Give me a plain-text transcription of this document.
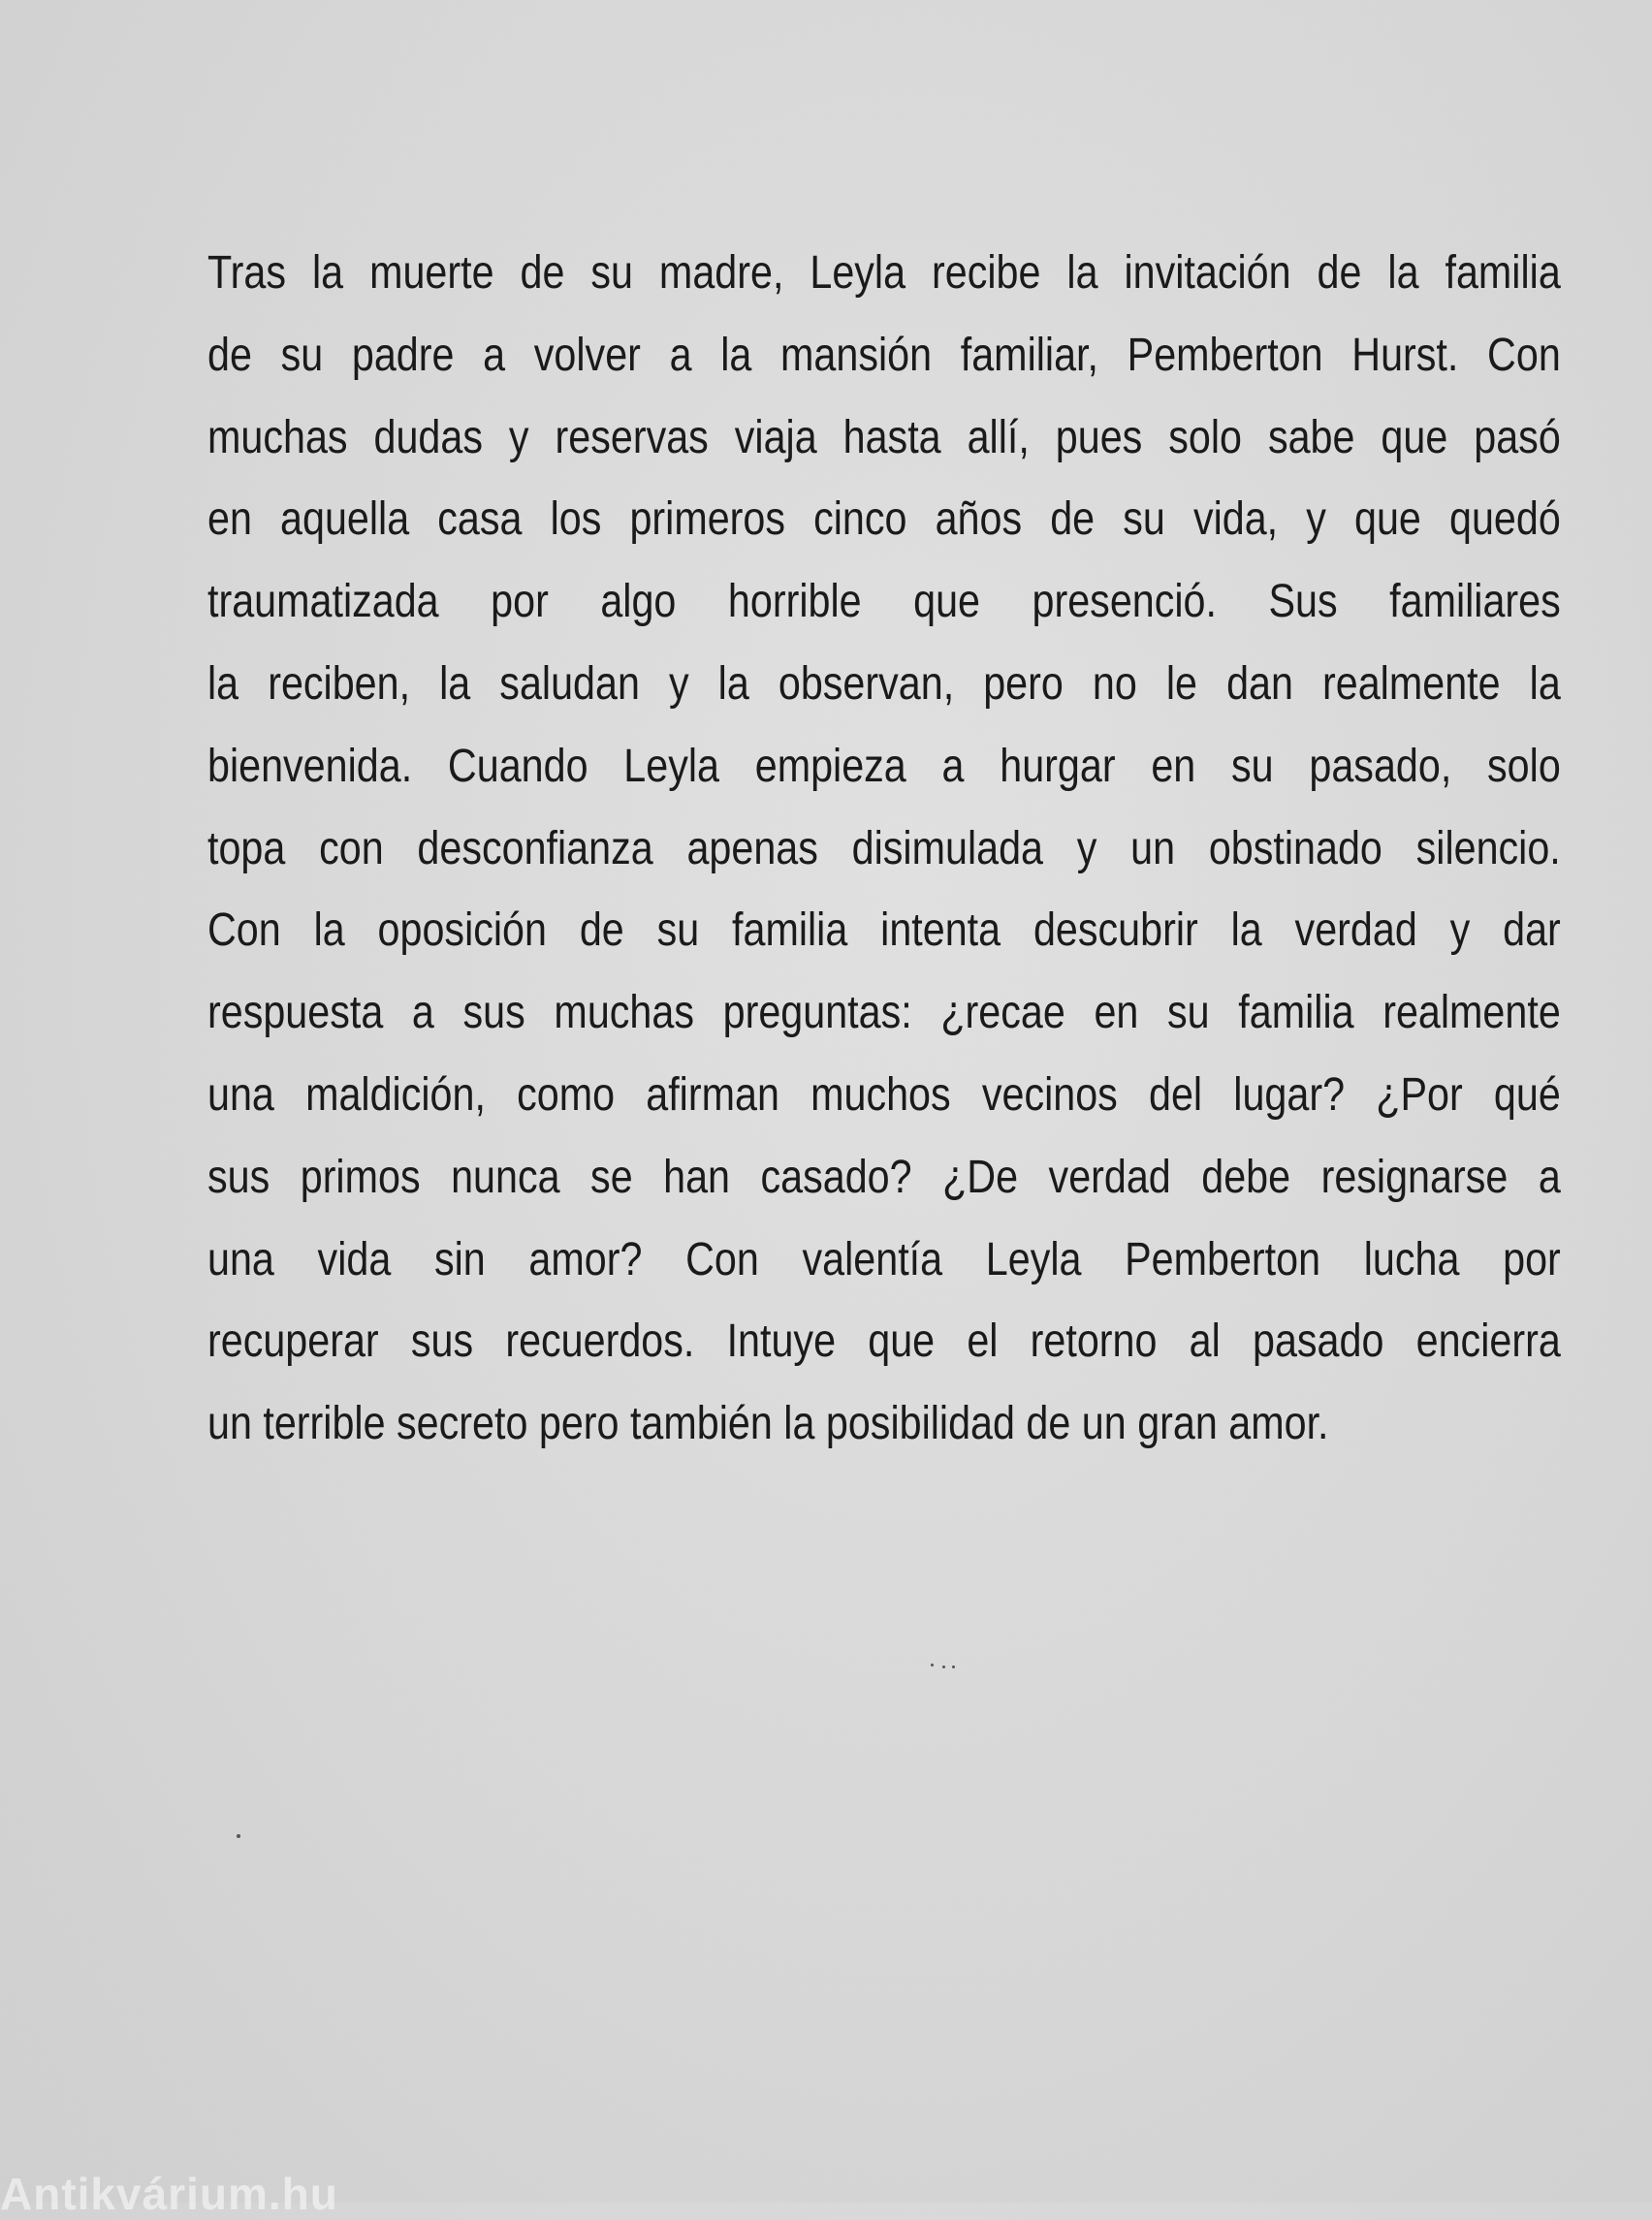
Tras la muerte de su madre, Leyla recibe la invitación de la familia
de su padre a volver a la mansión familiar, Pemberton Hurst. Con
muchas dudas y reservas viaja hasta allí, pues solo sabe que pasó
en aquella casa los primeros cinco años de su vida, y que quedó
traumatizada por algo horrible que presenció. Sus familiares
la reciben, la saludan y la observan, pero no le dan realmente la
bienvenida. Cuando Leyla empieza a hurgar en su pasado, solo
topa con desconfianza apenas disimulada y un obstinado silencio.
Con la oposición de su familia intenta descubrir la verdad y dar
respuesta a sus muchas preguntas: ¿recae en su familia realmente
una maldición, como afirman muchos vecinos del lugar? ¿Por qué
sus primos nunca se han casado? ¿De verdad debe resignarse a
una vida sin amor? Con valentía Leyla Pemberton lucha por
recuperar sus recuerdos. Intuye que el retorno al pasado encierra
un terrible secreto pero también la posibilidad de un gran amor.
Antikvárium.hu
